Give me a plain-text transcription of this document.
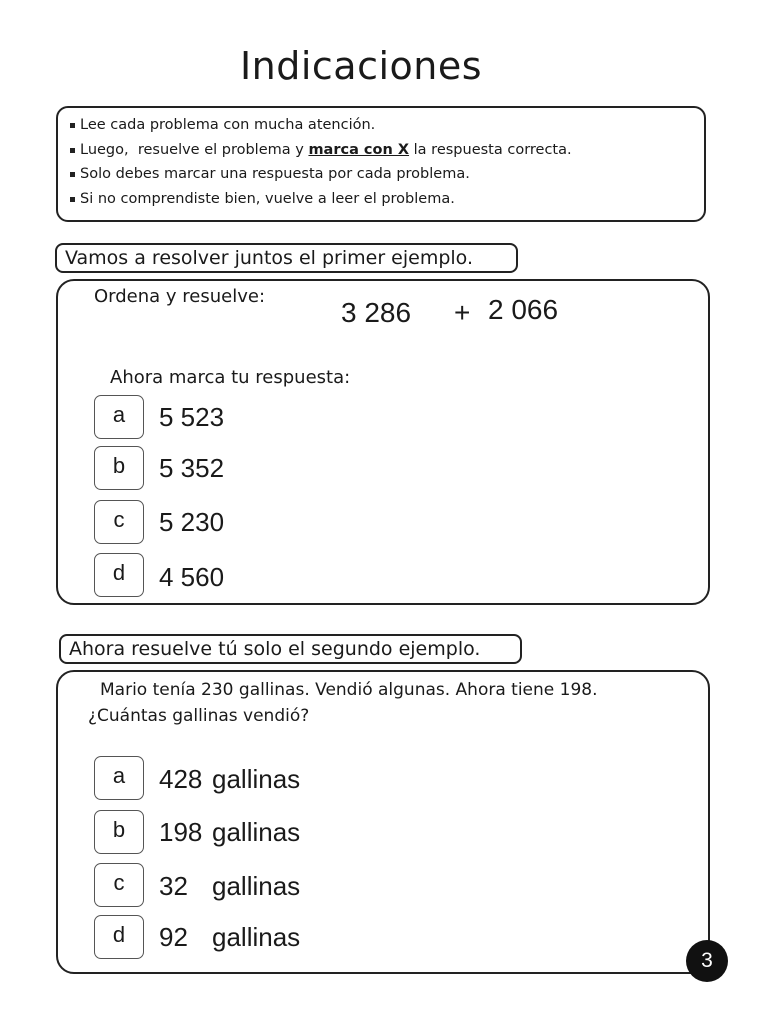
Indicaciones
Lee cada problema con mucha atención.
Luego,  resuelve el problema y marca con X la respuesta correcta.
Solo debes marcar una respuesta por cada problema.
Si no comprendiste bien, vuelve a leer el problema.
Vamos a resolver juntos el primer ejemplo.
Ordena y resuelve:
3 286 + 2 066
Ahora marca tu respuesta:
a	5 523
b	5 352
c	5 230
d	4 560
Ahora resuelve tú solo el segundo ejemplo.
Mario tenía 230 gallinas. Vendió algunas. Ahora tiene 198.
¿Cuántas gallinas vendió?
a	428 gallinas
b	198 gallinas
c	32 gallinas
d	92 gallinas
3
